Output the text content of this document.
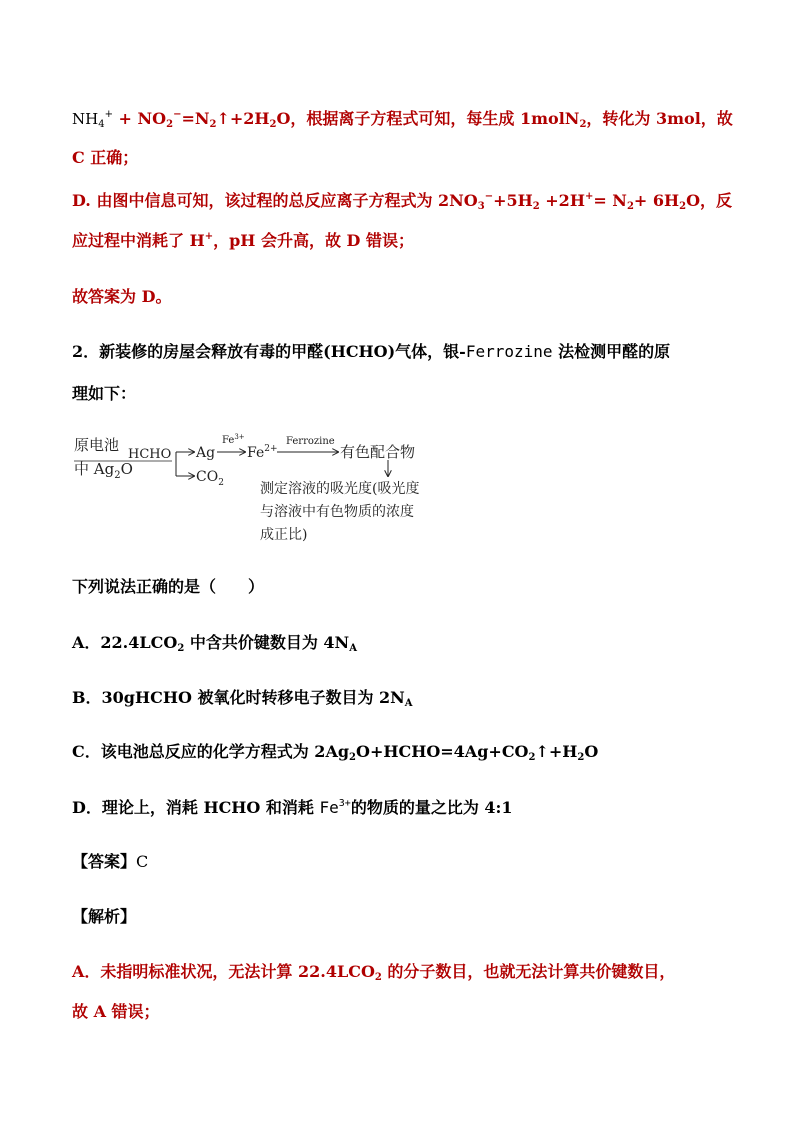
$NH_4^+$ + $NO_2^-=N_2↑+2H_2O$，根据离子方程式可知，每生成 1molN$_2$，转化为 3mol，故
C 正确；
D. 由图中信息可知，该过程的总反应离子方程式为 $2NO_3^-+5H_2 +2H^+= N_2+ 6H_2O$，反
应过程中消耗了 H+，pH 会升高，故 D 错误；
故答案为 D。
2．新装修的房屋会释放有毒的甲醛(HCHO)气体，银-Ferrozine 法检测甲醛的原
理如下：
原电池
中 $Ag_2O$
HCHO Ag
$Fe^{3+}$
$Fe^{2+}$
Ferrozine
有色配合物
$CO_2$	测定溶液的吸光度(吸光度
与溶液中有色物质的浓度
成正比)
下列说法正确的是（　　）
A．$22.4LCO_2$ 中含共价键数目为 $4N_A$
B．30gHCHO 被氧化时转移电子数目为 $2N_A$
C．该电池总反应的化学方程式为 $2Ag_2O+HCHO=4Ag+CO_2↑+H_2O$
D．理论上，消耗 HCHO 和消耗 $Fe^{3+}$的物质的量之比为 4:1
【答案】C
【解析】
A．未指明标准状况，无法计算 $22.4LCO_2$ 的分子数目，也就无法计算共价键数目，
故 A 错误；
